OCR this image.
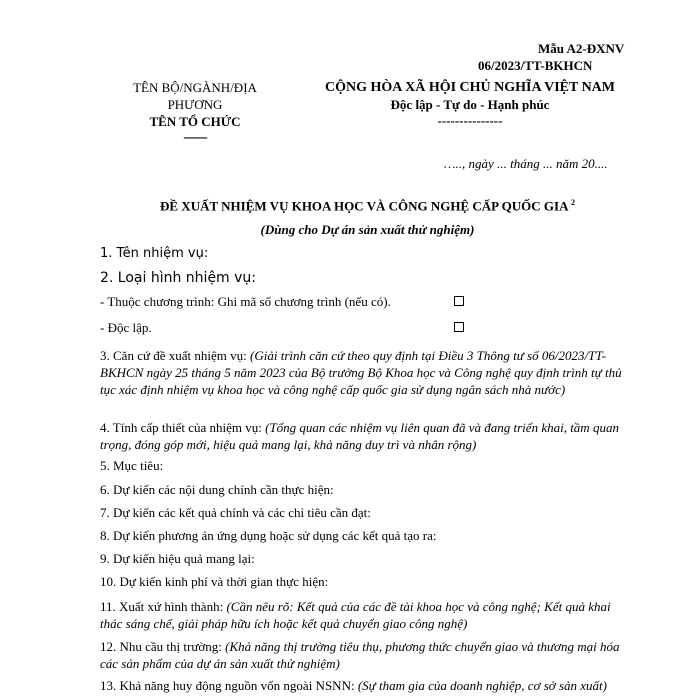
Mẫu A2-ĐXNV
06/2023/TT-BKHCN
TÊN BỘ/NGÀNH/ĐỊA
PHƯƠNG
TÊN TỔ CHỨC
-------
CỘNG HÒA XÃ HỘI CHỦ NGHĨA VIỆT NAM
Độc lập - Tự do - Hạnh phúc
---------------
….., ngày ... tháng ... năm 20....
ĐỀ XUẤT NHIỆM VỤ KHOA HỌC VÀ CÔNG NGHỆ CẤP QUỐC GIA $^2$
(Dùng cho Dự án sản xuất thử nghiệm)
1. Tên nhiệm vụ:
2. Loại hình nhiệm vụ:
- Thuộc chương trình: Ghi mã số chương trình (nếu có).
- Độc lập.
3. Căn cứ đề xuất nhiệm vụ: (Giải trình căn cứ theo quy định tại Điều 3 Thông tư số 06/2023/TT-BKHCN ngày 25 tháng 5 năm 2023 của Bộ trưởng Bộ Khoa học và Công nghệ quy định trình tự thủ tục xác định nhiệm vụ khoa học và công nghệ cấp quốc gia sử dụng ngân sách nhà nước)
4. Tính cấp thiết của nhiệm vụ: (Tổng quan các nhiệm vụ liên quan đã và đang triển khai, tầm quan trọng, đóng góp mới, hiệu quả mang lại, khả năng duy trì và nhân rộng)
5. Mục tiêu:
6. Dự kiến các nội dung chính cần thực hiện:
7. Dự kiến các kết quả chính và các chỉ tiêu cần đạt:
8. Dự kiến phương án ứng dụng hoặc sử dụng các kết quả tạo ra:
9. Dự kiến hiệu quả mang lại:
10. Dự kiến kinh phí và thời gian thực hiện:
11. Xuất xứ hình thành: (Cần nêu rõ: Kết quả của các đề tài khoa học và công nghệ; Kết quả khai thác sáng chế, giải pháp hữu ích hoặc kết quả chuyển giao công nghệ)
12. Nhu cầu thị trường: (Khả năng thị trường tiêu thụ, phương thức chuyển giao và thương mại hóa các sản phẩm của dự án sản xuất thử nghiệm)
13. Khả năng huy động nguồn vốn ngoài NSNN: (Sự tham gia của doanh nghiệp, cơ sở sản xuất)
